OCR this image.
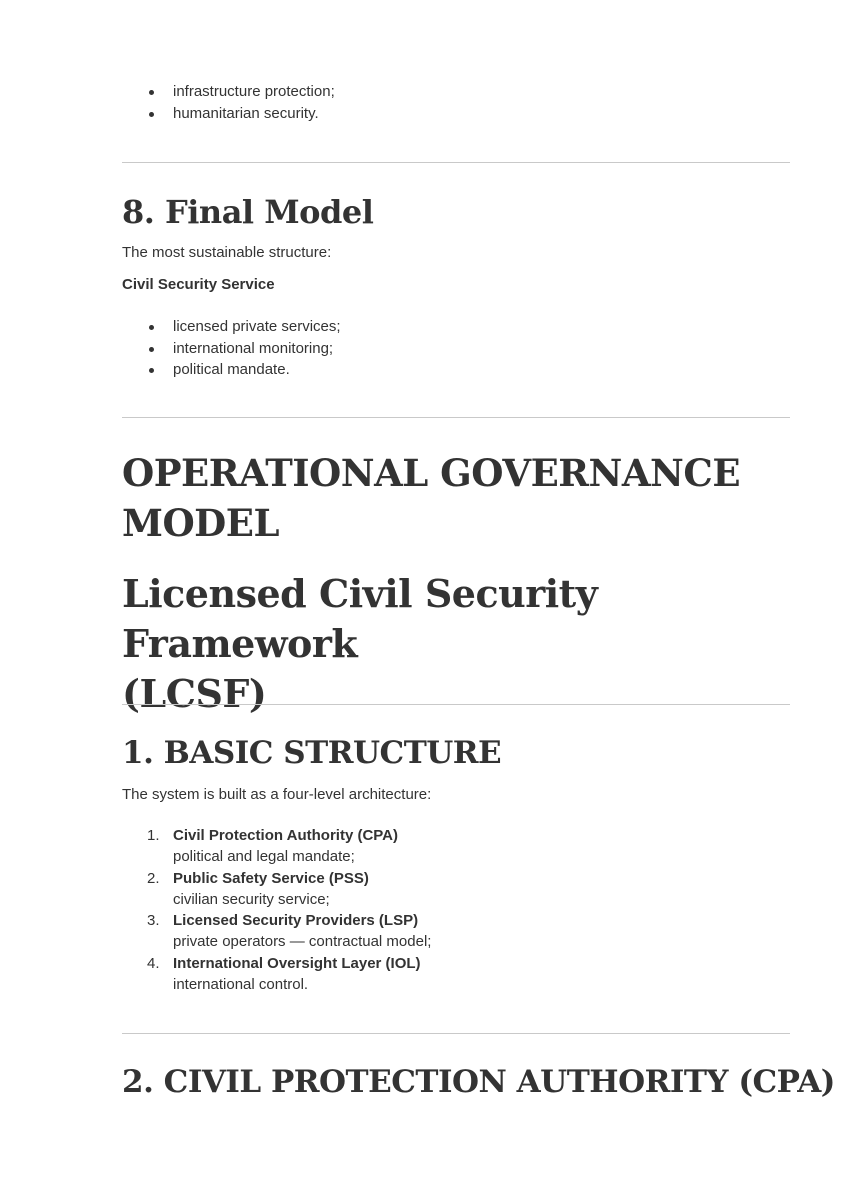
infrastructure protection;
humanitarian security.
8. Final Model

The most sustainable structure:

Civil Security Service

licensed private services;
international monitoring;
political mandate.
OPERATIONAL GOVERNANCE
MODEL
Licensed Civil Security Framework
(LCSF)
1. BASIC STRUCTURE

The system is built as a four-level architecture:

1. Civil Protection Authority (CPA)
political and legal mandate;
2. Public Safety Service (PSS)
civilian security service;
3. Licensed Security Providers (LSP)
private operators — contractual model;
4. International Oversight Layer (IOL)
international control.
2. CIVIL PROTECTION AUTHORITY (CPA)
